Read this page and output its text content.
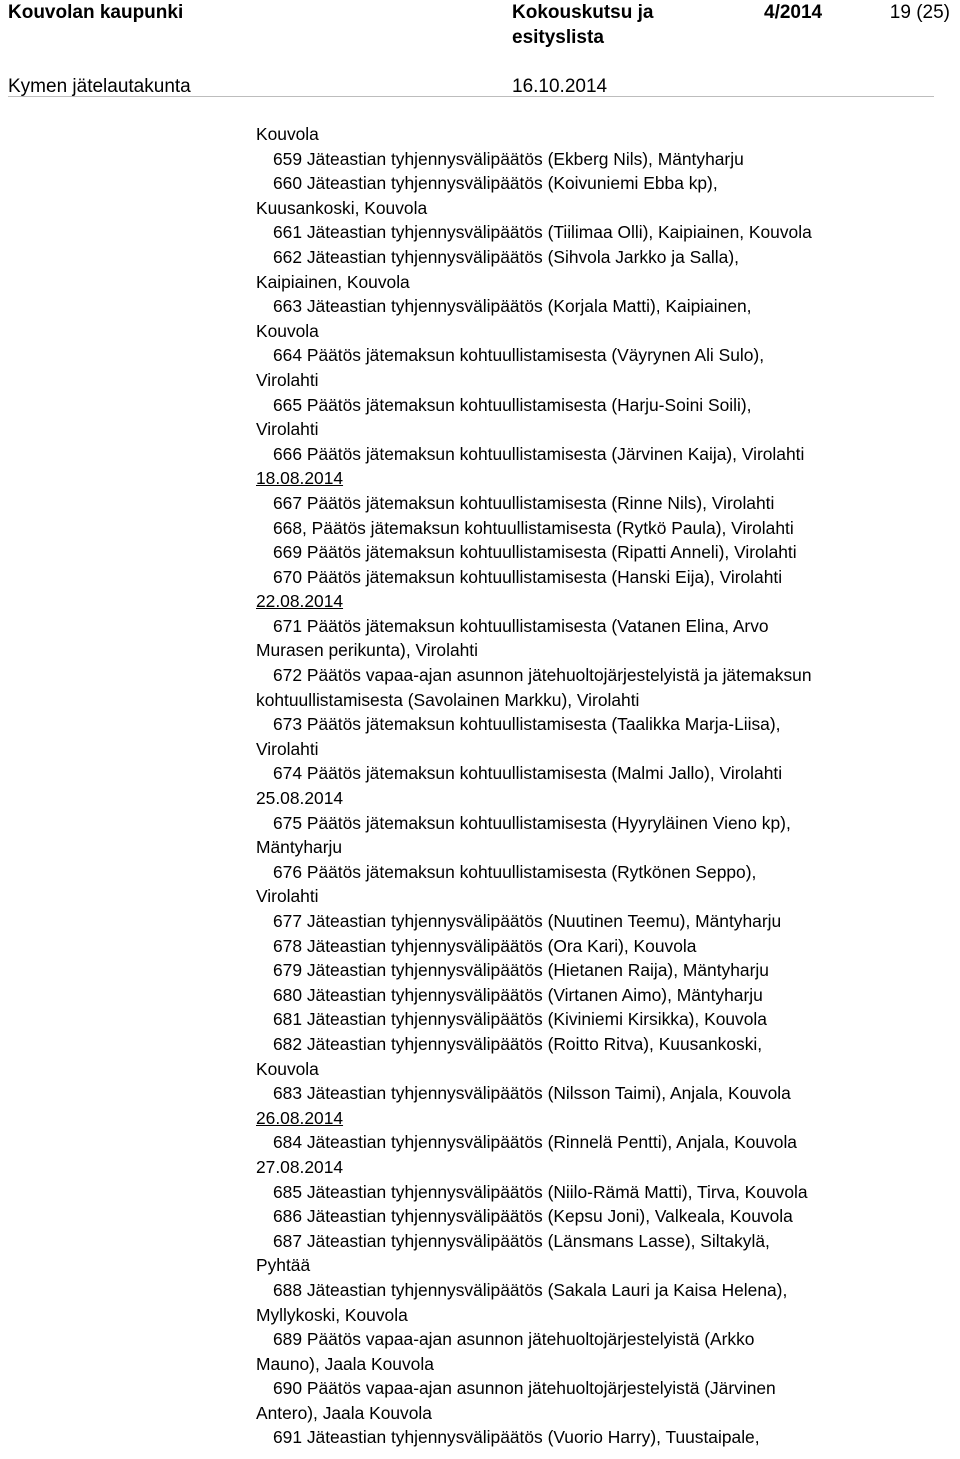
Kouvolan kaupunki	Kokouskutsu ja
esityslista
4/2014	19 (25)
Kymen jätelautakunta	16.10.2014
Kouvola
659 Jäteastian tyhjennysvälipäätös (Ekberg Nils), Mäntyharju
660 Jäteastian tyhjennysvälipäätös (Koivuniemi Ebba kp),
Kuusankoski, Kouvola
661 Jäteastian tyhjennysvälipäätös (Tiilimaa Olli), Kaipiainen, Kouvola
662 Jäteastian tyhjennysvälipäätös (Sihvola Jarkko ja Salla),
Kaipiainen, Kouvola
663 Jäteastian tyhjennysvälipäätös (Korjala Matti), Kaipiainen,
Kouvola
664 Päätös jätemaksun kohtuullistamisesta (Väyrynen Ali Sulo),
Virolahti
665 Päätös jätemaksun kohtuullistamisesta (Harju-Soini Soili),
Virolahti
666 Päätös jätemaksun kohtuullistamisesta (Järvinen Kaija), Virolahti
18.08.2014
667 Päätös jätemaksun kohtuullistamisesta (Rinne Nils), Virolahti
668, Päätös jätemaksun kohtuullistamisesta (Rytkö Paula), Virolahti
669 Päätös jätemaksun kohtuullistamisesta (Ripatti Anneli), Virolahti
670 Päätös jätemaksun kohtuullistamisesta (Hanski Eija), Virolahti
22.08.2014
671 Päätös jätemaksun kohtuullistamisesta (Vatanen Elina, Arvo
Murasen perikunta), Virolahti
672 Päätös vapaa-ajan asunnon jätehuoltojärjestelyistä ja jätemaksun
kohtuullistamisesta (Savolainen Markku), Virolahti
673 Päätös jätemaksun kohtuullistamisesta (Taalikka Marja-Liisa),
Virolahti
674 Päätös jätemaksun kohtuullistamisesta (Malmi Jallo), Virolahti
25.08.2014
675 Päätös jätemaksun kohtuullistamisesta (Hyyryläinen Vieno kp),
Mäntyharju
676 Päätös jätemaksun kohtuullistamisesta (Rytkönen Seppo),
Virolahti
677 Jäteastian tyhjennysvälipäätös (Nuutinen Teemu), Mäntyharju
678 Jäteastian tyhjennysvälipäätös (Ora Kari), Kouvola
679 Jäteastian tyhjennysvälipäätös (Hietanen Raija), Mäntyharju
680 Jäteastian tyhjennysvälipäätös (Virtanen Aimo), Mäntyharju
681 Jäteastian tyhjennysvälipäätös (Kiviniemi Kirsikka), Kouvola
682 Jäteastian tyhjennysvälipäätös (Roitto Ritva), Kuusankoski,
Kouvola
683 Jäteastian tyhjennysvälipäätös (Nilsson Taimi), Anjala, Kouvola
26.08.2014
684 Jäteastian tyhjennysvälipäätös (Rinnelä Pentti), Anjala, Kouvola
27.08.2014
685 Jäteastian tyhjennysvälipäätös (Niilo-Rämä Matti), Tirva, Kouvola
686 Jäteastian tyhjennysvälipäätös (Kepsu Joni), Valkeala, Kouvola
687 Jäteastian tyhjennysvälipäätös (Länsmans Lasse), Siltakylä,
Pyhtää
688 Jäteastian tyhjennysvälipäätös (Sakala Lauri ja Kaisa Helena),
Myllykoski, Kouvola
689 Päätös vapaa-ajan asunnon jätehuoltojärjestelyistä (Arkko
Mauno), Jaala Kouvola
690 Päätös vapaa-ajan asunnon jätehuoltojärjestelyistä (Järvinen
Antero), Jaala Kouvola
691 Jäteastian tyhjennysvälipäätös (Vuorio Harry), Tuustaipale,
